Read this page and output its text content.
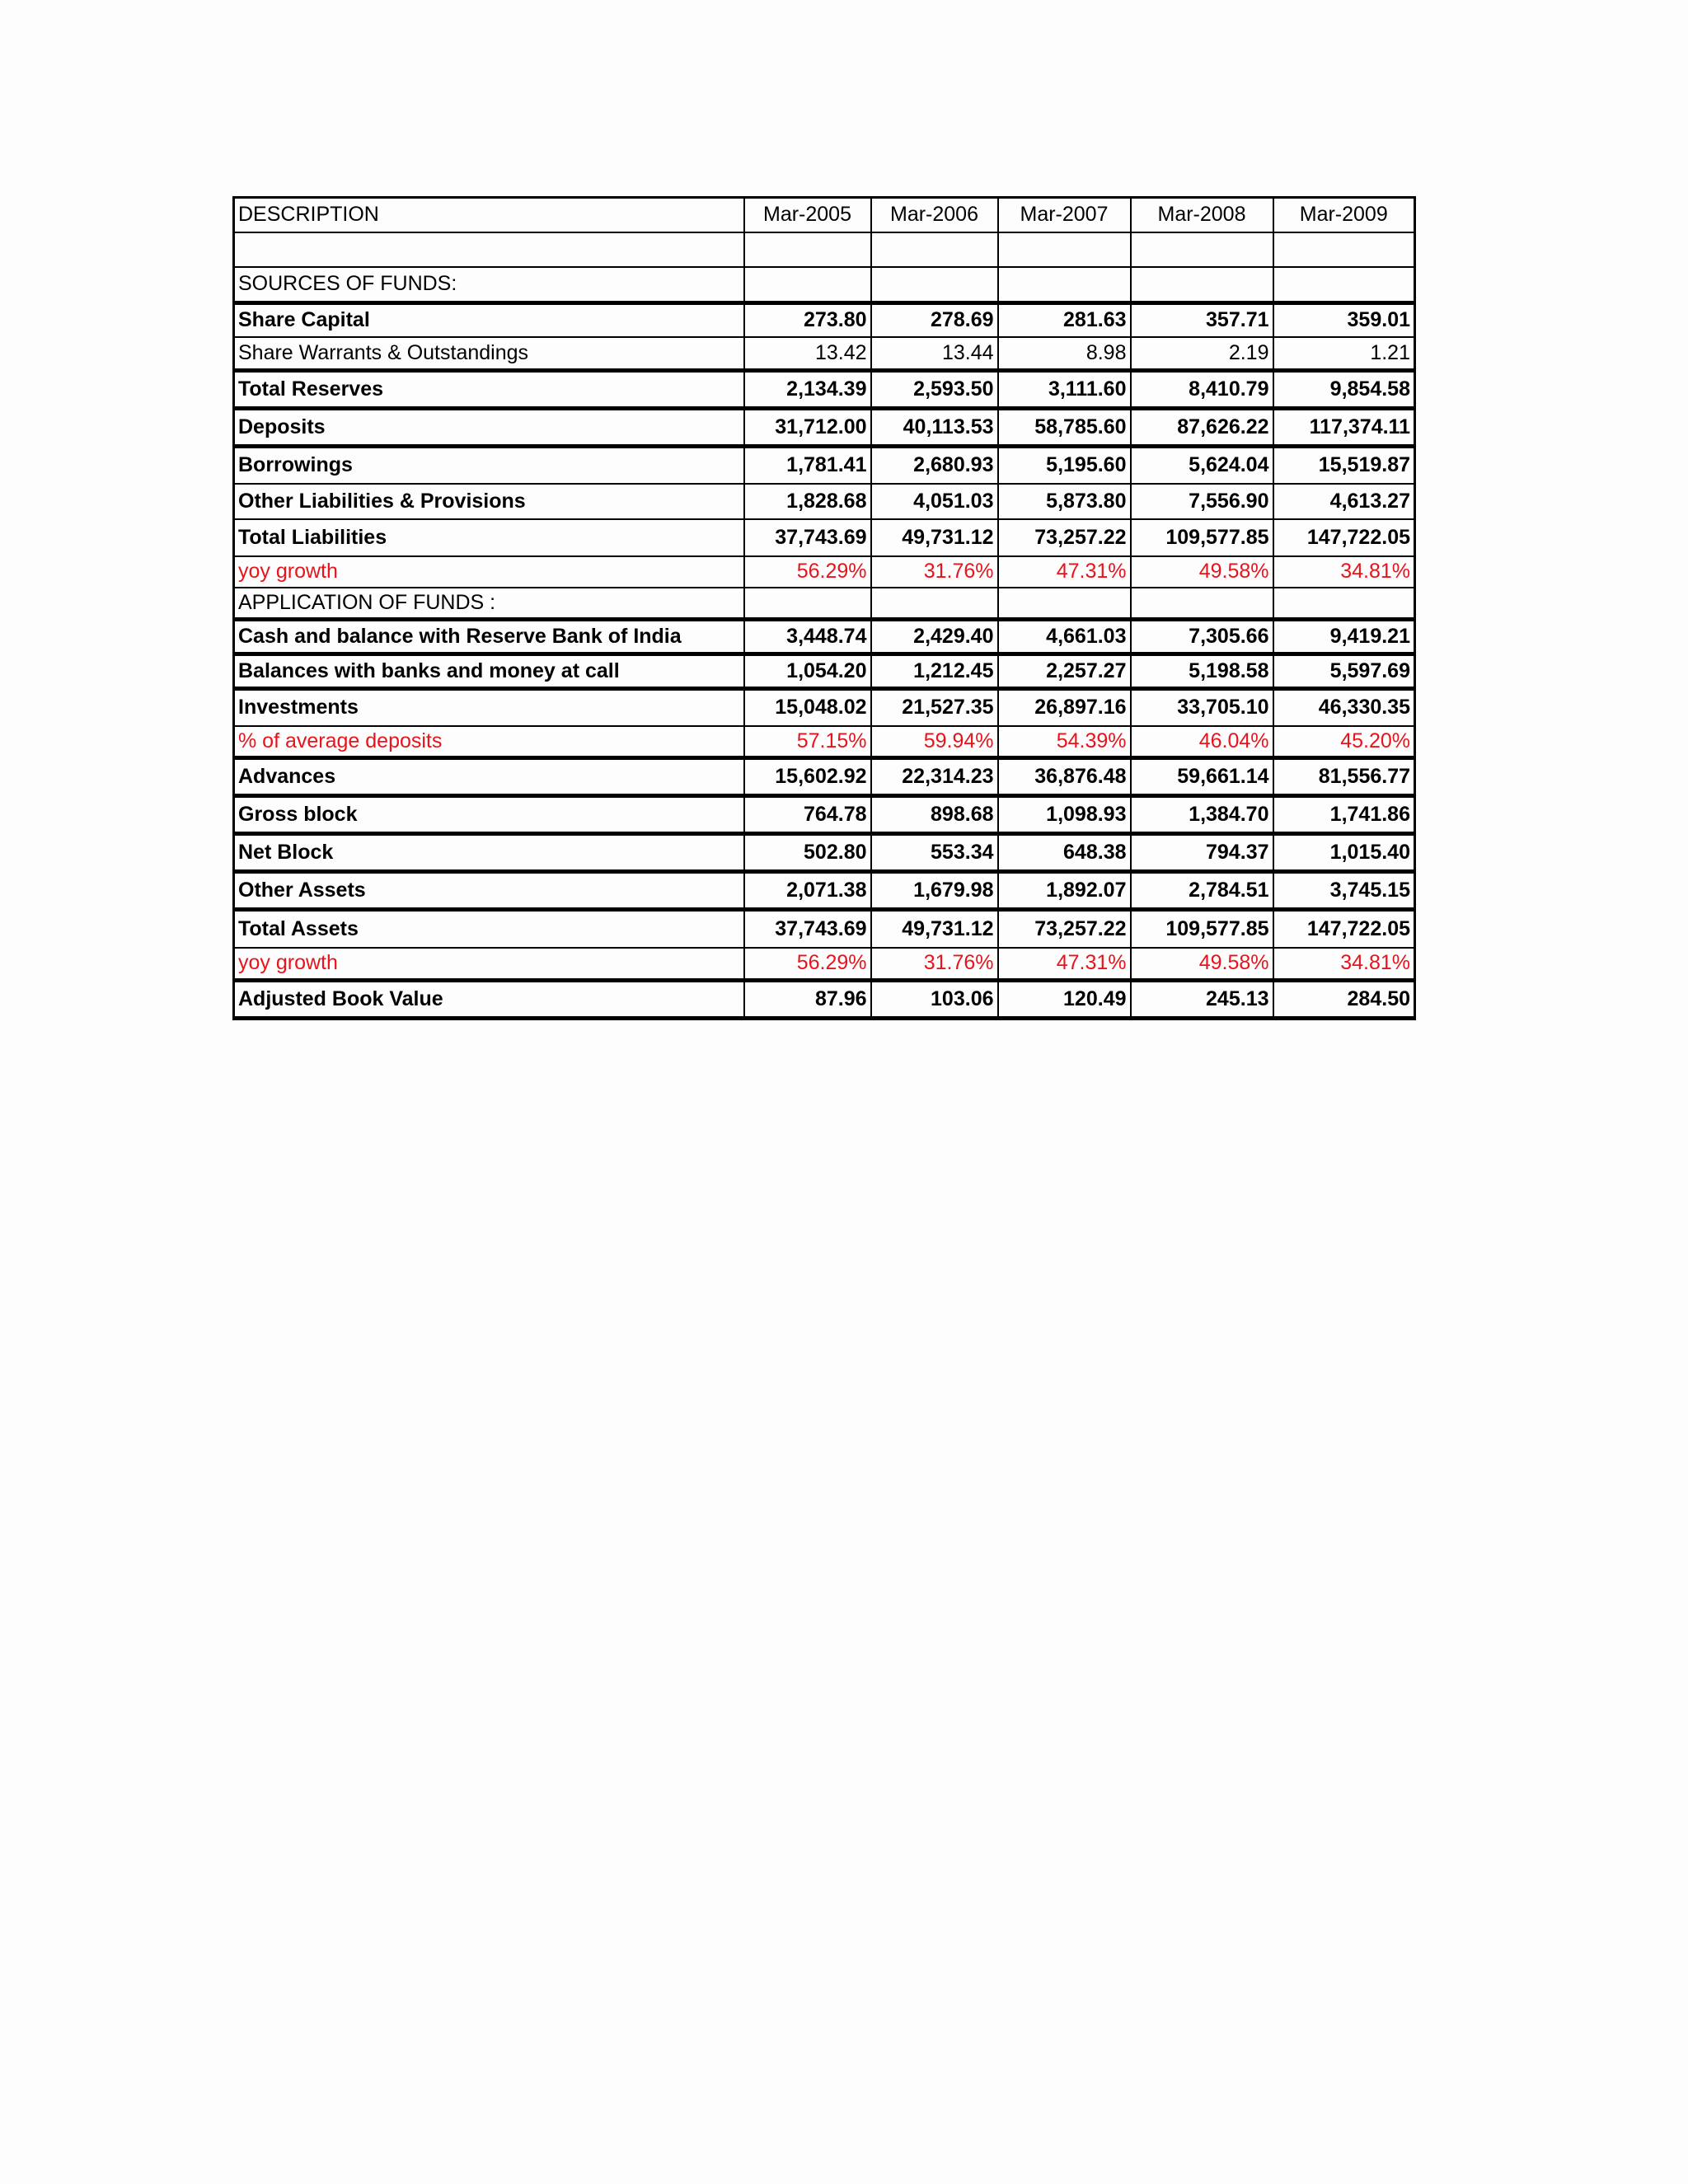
DESCRIPTION	Mar-2005	Mar-2006	Mar-2007	Mar-2008	Mar-2009

SOURCES OF FUNDS:					
Share Capital	273.80	278.69	281.63	357.71	359.01
Share Warrants & Outstandings	13.42	13.44	8.98	2.19	1.21
Total Reserves	2,134.39	2,593.50	3,111.60	8,410.79	9,854.58
Deposits	31,712.00	40,113.53	58,785.60	87,626.22	117,374.11
Borrowings	1,781.41	2,680.93	5,195.60	5,624.04	15,519.87
Other Liabilities & Provisions	1,828.68	4,051.03	5,873.80	7,556.90	4,613.27
Total Liabilities	37,743.69	49,731.12	73,257.22	109,577.85	147,722.05
yoy growth	56.29%	31.76%	47.31%	49.58%	34.81%
APPLICATION OF FUNDS :					
Cash and balance with Reserve Bank of India	3,448.74	2,429.40	4,661.03	7,305.66	9,419.21
Balances with banks and money at call	1,054.20	1,212.45	2,257.27	5,198.58	5,597.69
Investments	15,048.02	21,527.35	26,897.16	33,705.10	46,330.35
% of average deposits	57.15%	59.94%	54.39%	46.04%	45.20%
Advances	15,602.92	22,314.23	36,876.48	59,661.14	81,556.77
Gross block	764.78	898.68	1,098.93	1,384.70	1,741.86
Net Block	502.80	553.34	648.38	794.37	1,015.40
Other Assets	2,071.38	1,679.98	1,892.07	2,784.51	3,745.15
Total Assets	37,743.69	49,731.12	73,257.22	109,577.85	147,722.05
yoy growth	56.29%	31.76%	47.31%	49.58%	34.81%
Adjusted Book Value	87.96	103.06	120.49	245.13	284.50
